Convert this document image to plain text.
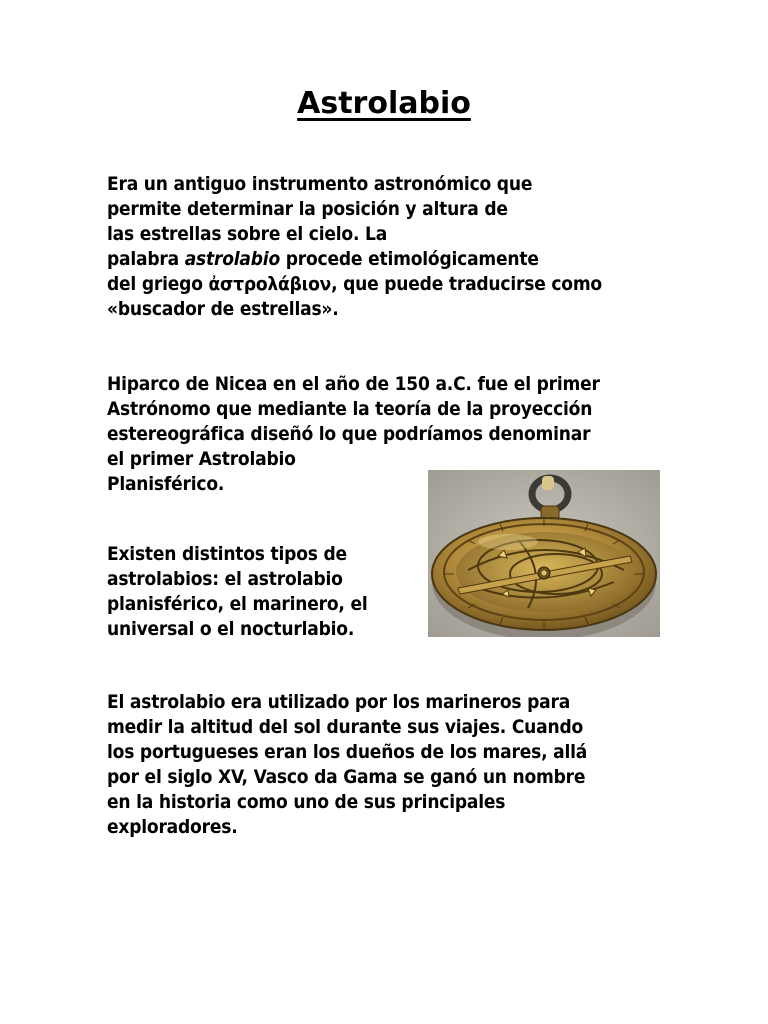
Astrolabio
Era un antiguo instrumento astronómico que
permite determinar la posición y altura de
las estrellas sobre el cielo. La
palabra astrolabio procede etimológicamente
del griego ἀστρολάβιον, que puede traducirse como
«buscador de estrellas».
Hiparco de Nicea en el año de 150 a.C. fue el primer
Astrónomo que mediante la teoría de la proyección
estereográfica diseñó lo que podríamos denominar
el primer Astrolabio
Planisférico.
Existen distintos tipos de
astrolabios: el astrolabio
planisférico, el marinero, el
universal o el nocturlabio.
El astrolabio era utilizado por los marineros para
medir la altitud del sol durante sus viajes. Cuando
los portugueses eran los dueños de los mares, allá
por el siglo XV, Vasco da Gama se ganó un nombre
en la historia como uno de sus principales
exploradores.
